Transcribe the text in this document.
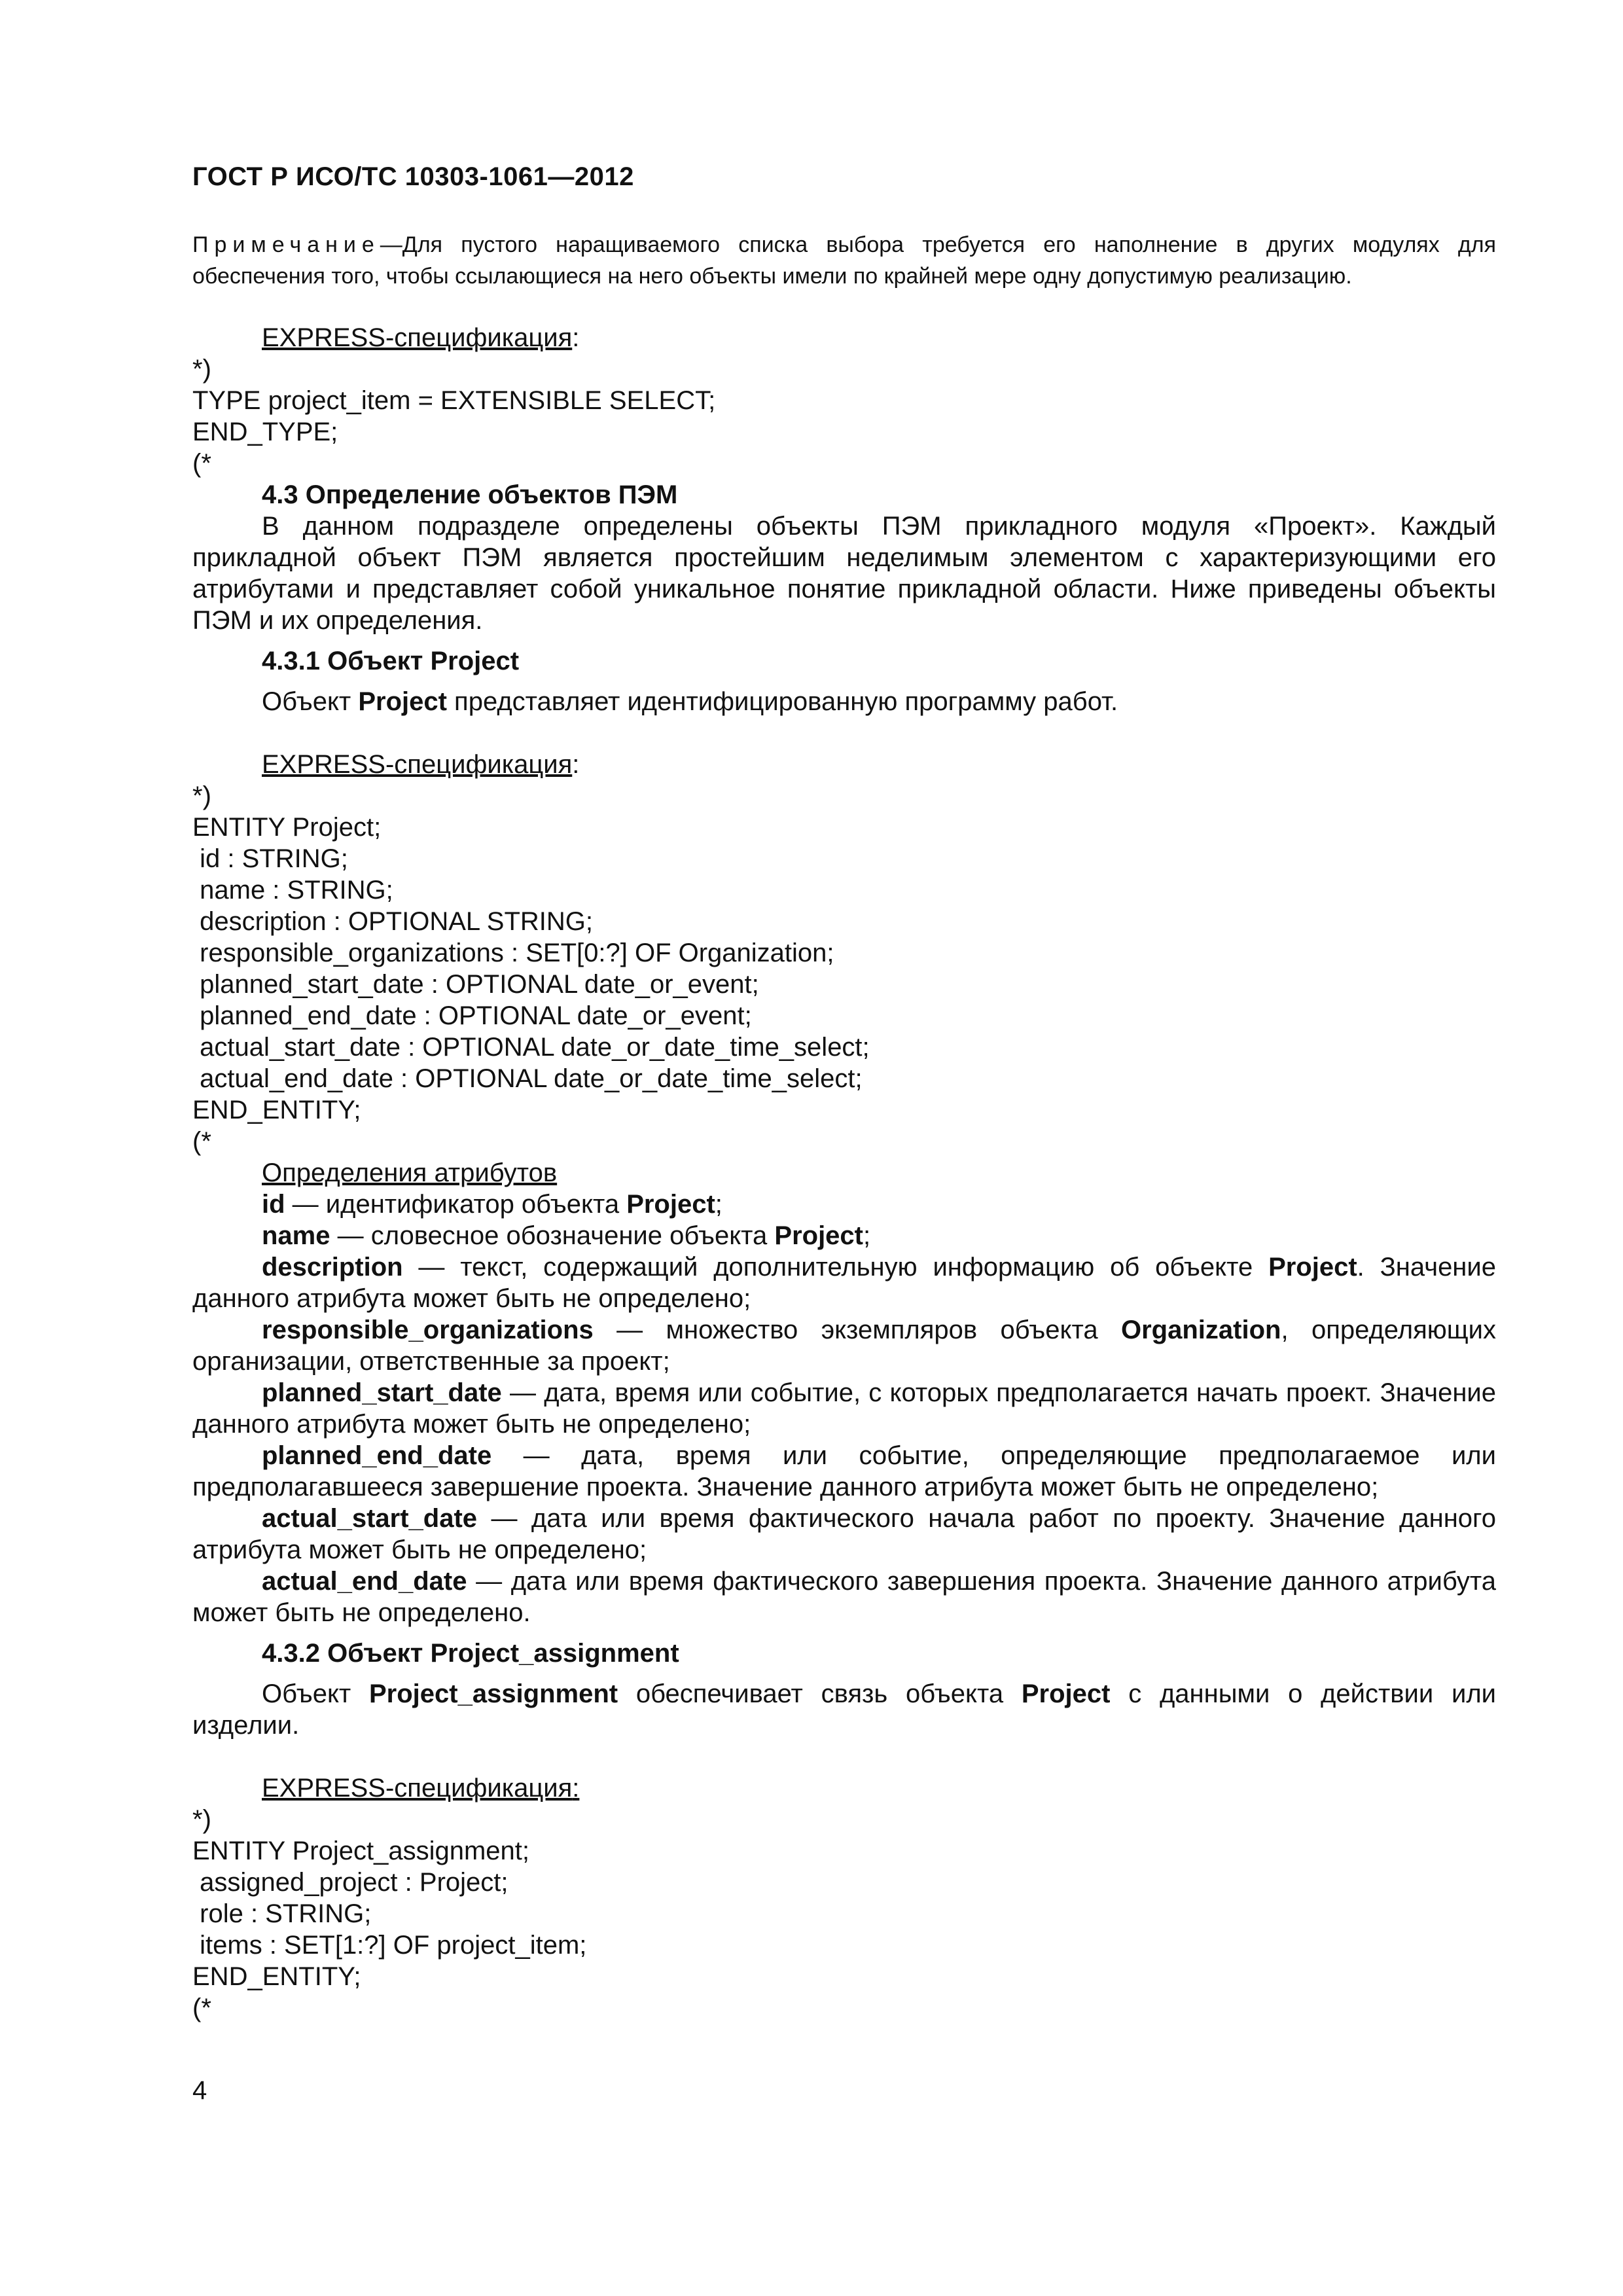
ГОСТ Р ИСО/ТС 10303-1061—2012
Примечание—Для пустого наращиваемого списка выбора требуется его наполнение в других модулях для обеспечения того, чтобы ссылающиеся на него объекты имели по крайней мере одну допустимую реализацию.

EXPRESS-спецификация:

*)

TYPE project_item = EXTENSIBLE SELECT;

END_TYPE;

(*

4.3 Определение объектов ПЭМ

В данном подразделе определены объекты ПЭМ прикладного модуля «Проект». Каждый прикладной объект ПЭМ является простейшим неделимым элементом с характеризующими его атрибутами и представляет собой уникальное понятие прикладной области. Ниже приведены объекты ПЭМ и их определения.

4.3.1 Объект Project

Объект Project представляет идентифицированную программу работ.

EXPRESS-спецификация:

*)

ENTITY Project;

id : STRING;

name : STRING;

description : OPTIONAL STRING;

responsible_organizations : SET[0:?] OF Organization;

planned_start_date : OPTIONAL date_or_event;

planned_end_date : OPTIONAL date_or_event;

actual_start_date : OPTIONAL date_or_date_time_select;

actual_end_date : OPTIONAL date_or_date_time_select;

END_ENTITY;

(*

Определения атрибутов

id — идентификатор объекта Project;

name — словесное обозначение объекта Project;

description — текст, содержащий дополнительную информацию об объекте Project. Значение данного атрибута может быть не определено;

responsible_organizations — множество экземпляров объекта Organization, определяющих организации, ответственные за проект;

planned_start_date — дата, время или событие, с которых предполагается начать проект. Значение данного атрибута может быть не определено;

planned_end_date — дата, время или событие, определяющие предполагаемое или предполагавшееся завершение проекта. Значение данного атрибута может быть не определено;

actual_start_date — дата или время фактического начала работ по проекту. Значение данного атрибута может быть не определено;

actual_end_date — дата или время фактического завершения проекта. Значение данного атрибута может быть не определено.

4.3.2 Объект Project_assignment

Объект Project_assignment обеспечивает связь объекта Project с данными о действии или изделии.

EXPRESS-спецификация:

*)

ENTITY Project_assignment;

assigned_project : Project;

role : STRING;

items : SET[1:?] OF project_item;

END_ENTITY;

(*

4
